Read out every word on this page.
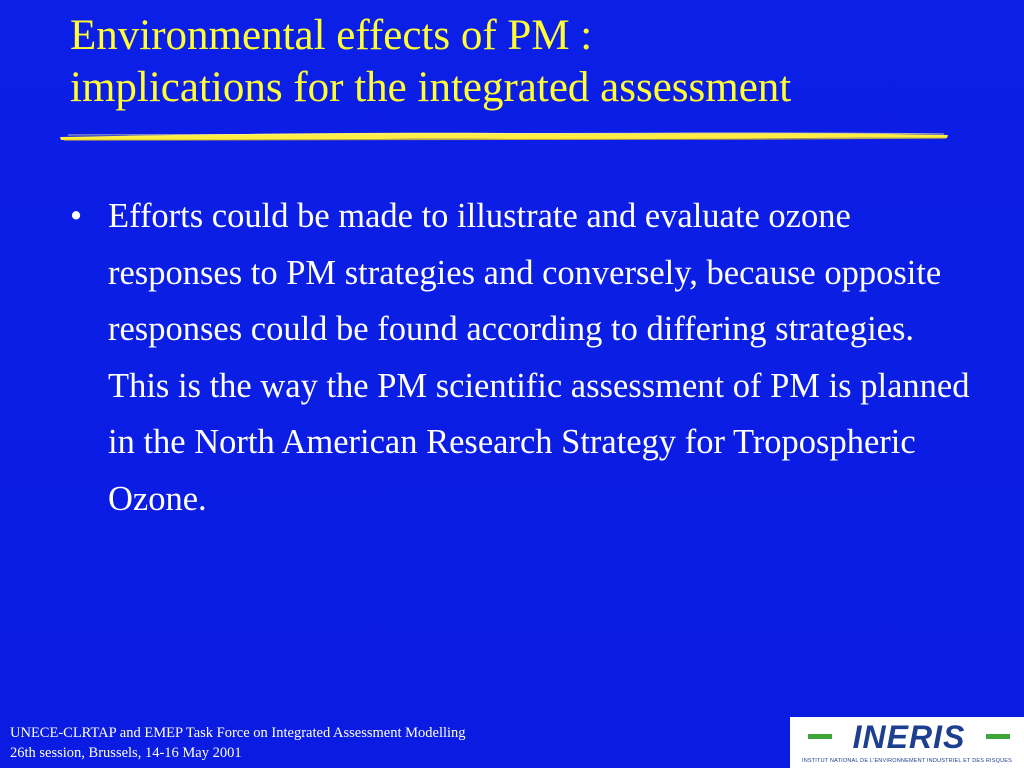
Environmental effects of PM :
implications for the integrated assessment
• Efforts could be made to illustrate and evaluate ozone responses to PM strategies and conversely, because opposite responses could be found according to differing strategies.
This is the way the PM scientific assessment of PM is planned in the North American Research Strategy for Tropospheric Ozone.
UNECE-CLRTAP and EMEP Task Force on Integrated Assessment Modelling
26th session, Brussels, 14-16 May 2001	INERIS
INSTITUT NATIONAL DE L'ENVIRONNEMENT INDUSTRIEL ET DES RISQUES
